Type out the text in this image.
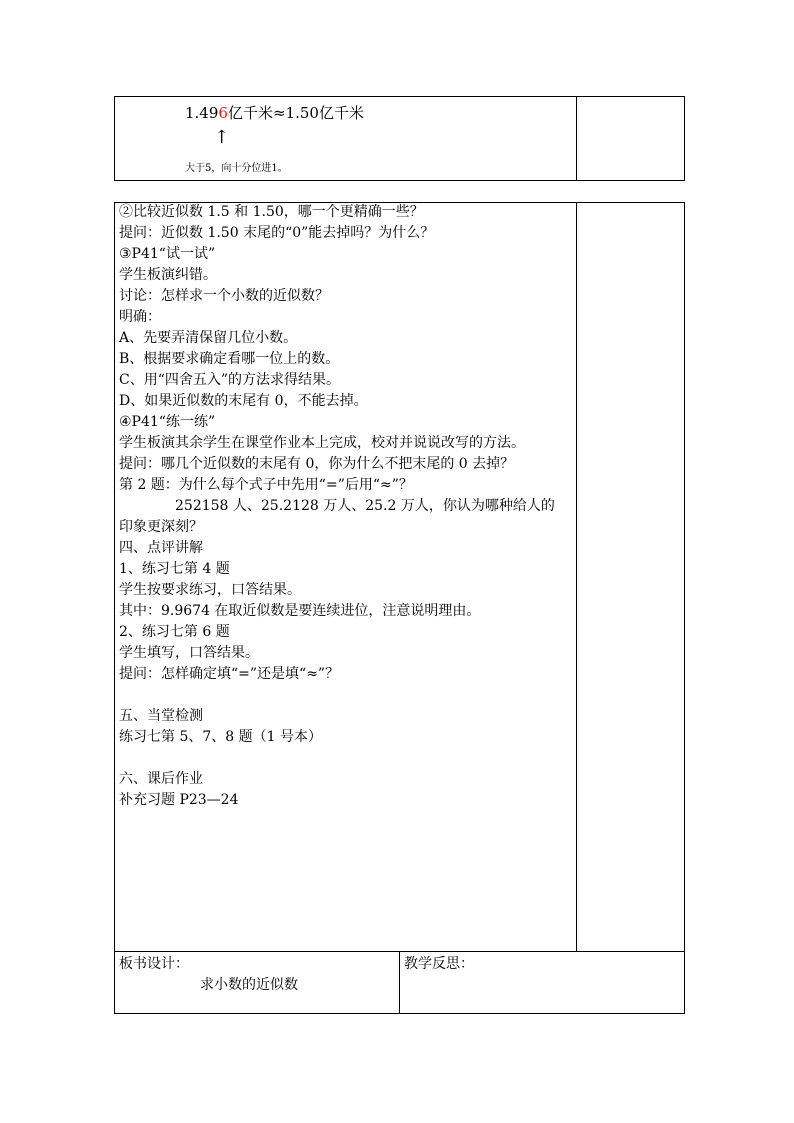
1.496亿千米≈1.50亿千米
↑
大于5，向十分位进1。
②比较近似数 1.5 和 1.50，哪一个更精确一些？
提问：近似数 1.50 末尾的“0”能去掉吗？为什么？
③P41“试一试”
学生板演纠错。
讨论：怎样求一个小数的近似数？
明确：
A、先要弄清保留几位小数。
B、根据要求确定看哪一位上的数。
C、用“四舍五入”的方法求得结果。
D、如果近似数的末尾有 0，不能去掉。
④P41“练一练”
学生板演其余学生在课堂作业本上完成，校对并说说改写的方法。
提问：哪几个近似数的末尾有 0，你为什么不把末尾的 0 去掉？
第 2 题：为什么每个式子中先用“=”后用“≈”？
252158 人、25.2128 万人、25.2 万人，你认为哪种给人的
印象更深刻？
四、点评讲解
1、练习七第 4 题
学生按要求练习，口答结果。
其中：9.9674 在取近似数是要连续进位，注意说明理由。
2、练习七第 6 题
学生填写，口答结果。
提问：怎样确定填“=”还是填“≈”？
五、当堂检测
练习七第 5、7、8 题（1 号本）
六、课后作业
补充习题 P23—24
板书设计：
求小数的近似数
教学反思：
